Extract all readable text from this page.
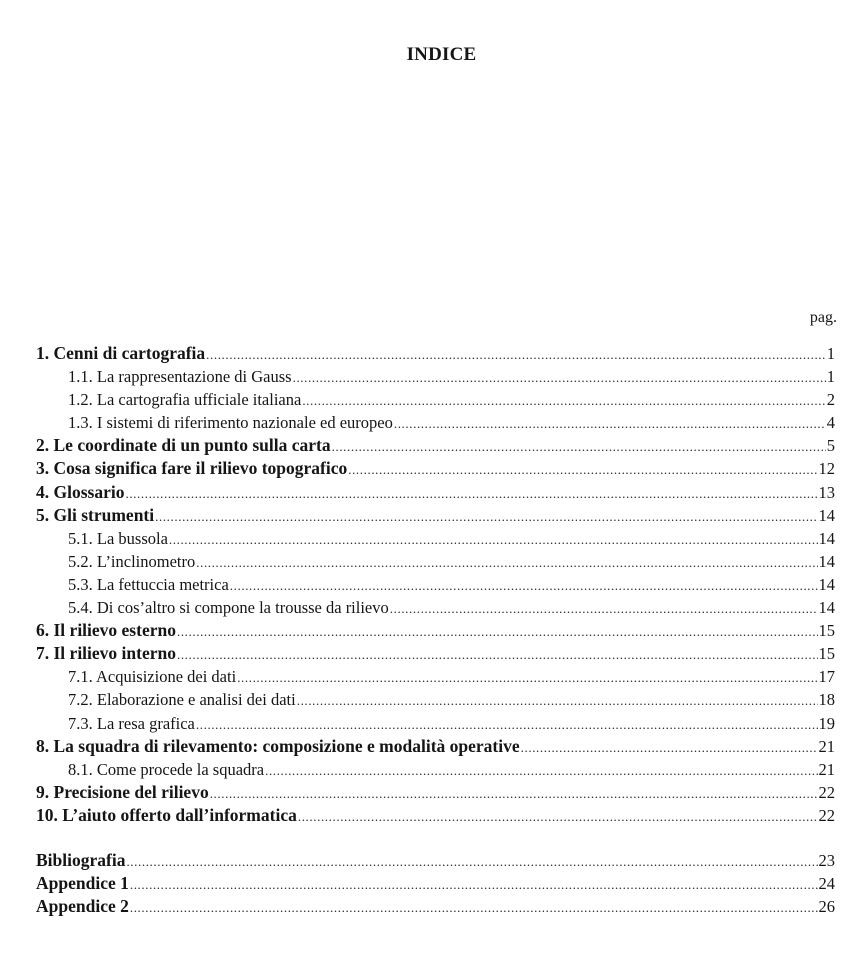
INDICE
pag.
1. Cenni di cartografia .....	1
1.1. La rappresentazione di Gauss .....	1
1.2. La cartografia ufficiale italiana .....	2
1.3. I sistemi di riferimento nazionale ed europeo .....	4
2. Le coordinate di un punto sulla carta .....	5
3. Cosa significa fare il rilievo topografico .....	12
4. Glossario .....	13
5. Gli strumenti .....	14
5.1. La bussola .....	14
5.2. L’inclinometro .....	14
5.3. La fettuccia metrica .....	14
5.4. Di cos’altro si compone la trousse da rilievo .....	14
6. Il rilievo esterno .....	15
7. Il rilievo interno .....	15
7.1. Acquisizione dei dati .....	17
7.2. Elaborazione e analisi dei dati .....	18
7.3. La resa grafica .....	19
8. La squadra di rilevamento: composizione e modalità operative .....	21
8.1. Come procede la squadra .....	21
9. Precisione del rilievo .....	22
10. L’aiuto offerto dall’informatica .....	22
Bibliografia .....	23
Appendice 1 .....	24
Appendice 2 .....	26
